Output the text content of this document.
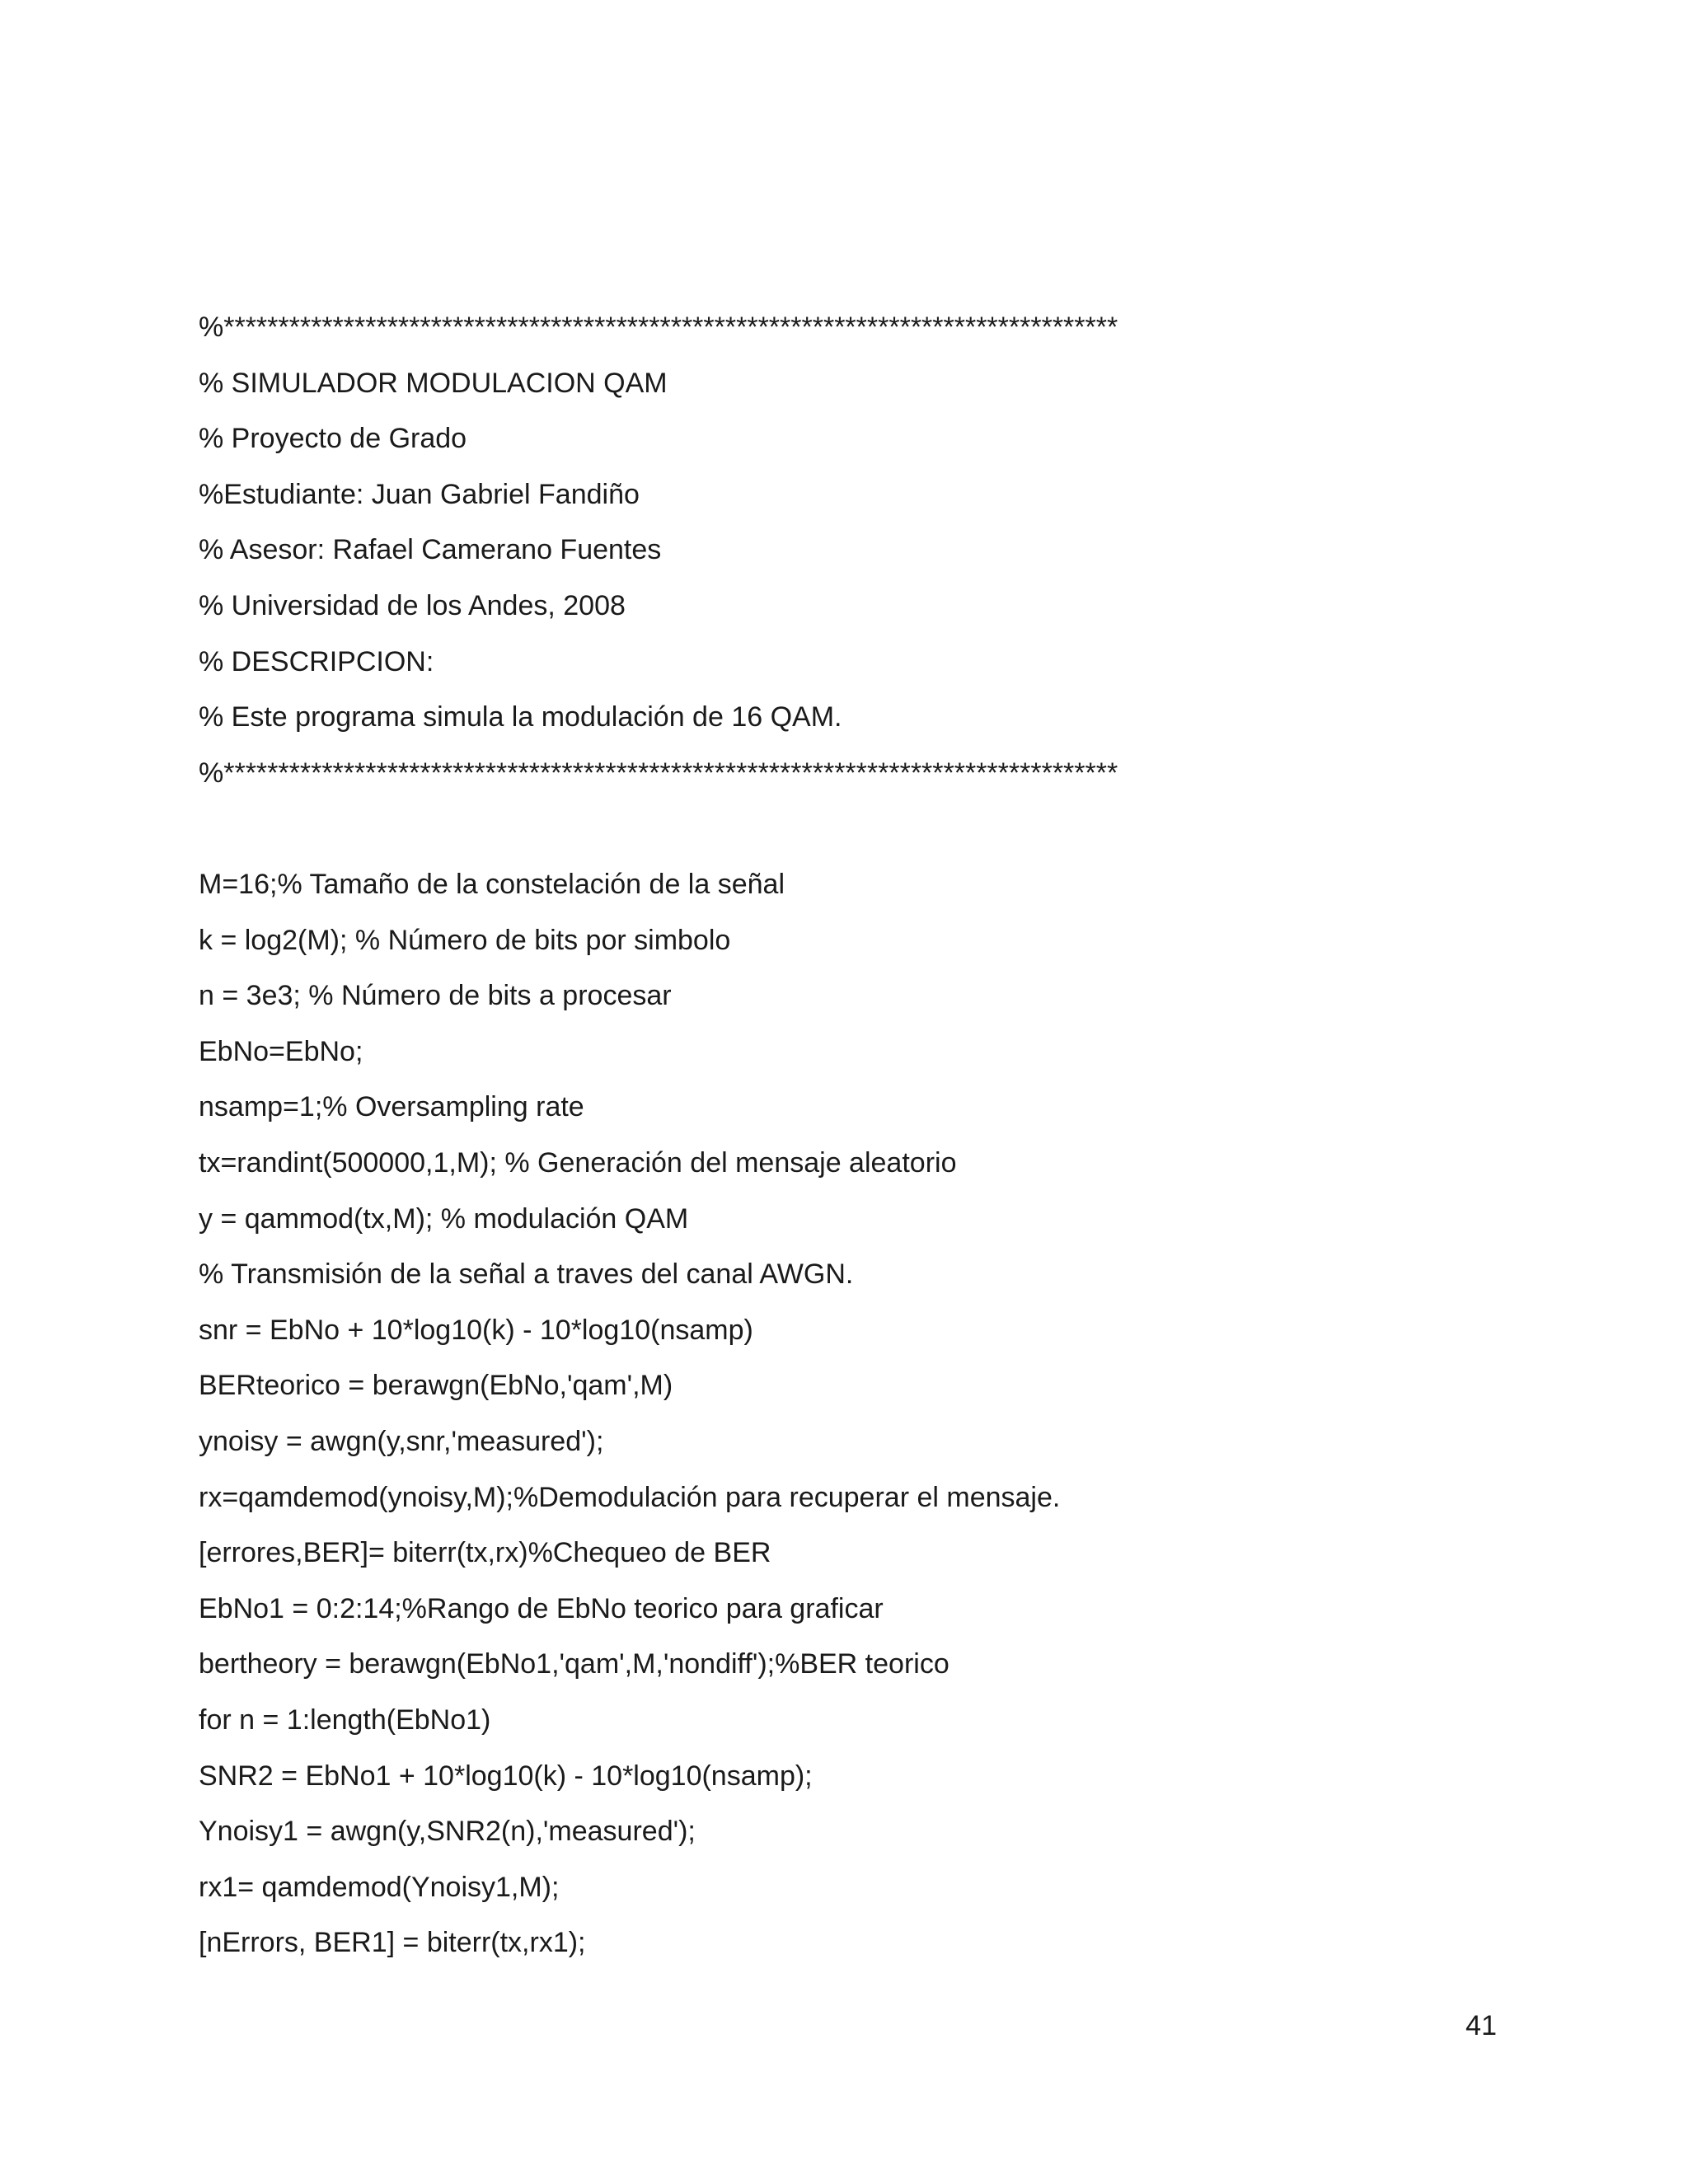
%**********************************************************************************
% SIMULADOR MODULACION QAM
% Proyecto de Grado
%Estudiante: Juan Gabriel Fandiño
% Asesor: Rafael Camerano Fuentes
% Universidad de los Andes, 2008
% DESCRIPCION:
% Este programa simula la modulación de 16 QAM.
%**********************************************************************************
M=16;% Tamaño de la constelación de la señal
k = log2(M); % Número de bits por simbolo
n = 3e3; % Número de bits a procesar
EbNo=EbNo;
nsamp=1;% Oversampling rate
tx=randint(500000,1,M); % Generación del mensaje aleatorio
y = qammod(tx,M); % modulación QAM
% Transmisión de la señal a traves del canal AWGN.
snr = EbNo + 10*log10(k) - 10*log10(nsamp)
BERteorico = berawgn(EbNo,'qam',M)
ynoisy = awgn(y,snr,'measured');
rx=qamdemod(ynoisy,M);%Demodulación para recuperar el mensaje.
[errores,BER]= biterr(tx,rx)%Chequeo de BER
EbNo1 = 0:2:14;%Rango de EbNo teorico para graficar
bertheory = berawgn(EbNo1,'qam',M,'nondiff');%BER teorico
for n = 1:length(EbNo1)
SNR2 = EbNo1 + 10*log10(k) - 10*log10(nsamp);
Ynoisy1 = awgn(y,SNR2(n),'measured');
rx1= qamdemod(Ynoisy1,M);
[nErrors, BER1] = biterr(tx,rx1);
41
